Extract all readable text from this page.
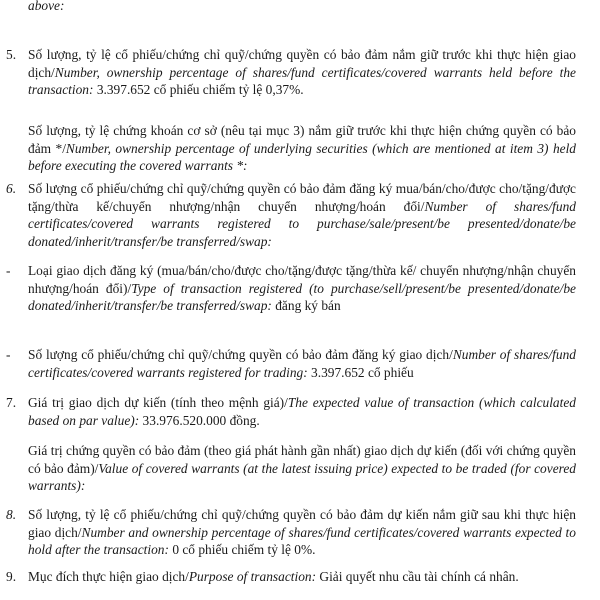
above:
5. Số lượng, tỷ lệ cổ phiếu/chứng chỉ quỹ/chứng quyền có bảo đảm nắm giữ trước khi thực hiện giao dịch/Number, ownership percentage of shares/fund certificates/covered warrants held before the transaction: 3.397.652 cổ phiếu chiếm tỷ lệ 0,37%.
Số lượng, tỷ lệ chứng khoán cơ sở (nêu tại mục 3) nắm giữ trước khi thực hiện chứng quyền có bảo đảm */Number, ownership percentage of underlying securities (which are mentioned at item 3) held before executing the covered warrants *:
6. Số lượng cổ phiếu/chứng chỉ quỹ/chứng quyền có bảo đảm đăng ký mua/bán/cho/được cho/tặng/được tặng/thừa kế/chuyển nhượng/nhận chuyển nhượng/hoán đổi/Number of shares/fund certificates/covered warrants registered to purchase/sale/present/be presented/donate/be donated/inherit/transfer/be transferred/swap:
- Loại giao dịch đăng ký (mua/bán/cho/được cho/tặng/được tặng/thừa kế/ chuyển nhượng/nhận chuyển nhượng/hoán đổi)/Type of transaction registered (to purchase/sell/present/be presented/donate/be donated/inherit/transfer/be transferred/swap: đăng ký bán
- Số lượng cổ phiếu/chứng chỉ quỹ/chứng quyền có bảo đảm đăng ký giao dịch/Number of shares/fund certificates/covered warrants registered for trading: 3.397.652 cổ phiếu
7. Giá trị giao dịch dự kiến (tính theo mệnh giá)/The expected value of transaction (which calculated based on par value): 33.976.520.000 đồng.
Giá trị chứng quyền có bảo đảm (theo giá phát hành gần nhất) giao dịch dự kiến (đối với chứng quyền có bảo đảm)/Value of covered warrants (at the latest issuing price) expected to be traded (for covered warrants):
8. Số lượng, tỷ lệ cổ phiếu/chứng chỉ quỹ/chứng quyền có bảo đảm dự kiến nắm giữ sau khi thực hiện giao dịch/Number and ownership percentage of shares/fund certificates/covered warrants expected to hold after the transaction: 0 cổ phiếu chiếm tỷ lệ 0%.
9. Mục đích thực hiện giao dịch/Purpose of transaction: Giải quyết nhu cầu tài chính cá nhân.
